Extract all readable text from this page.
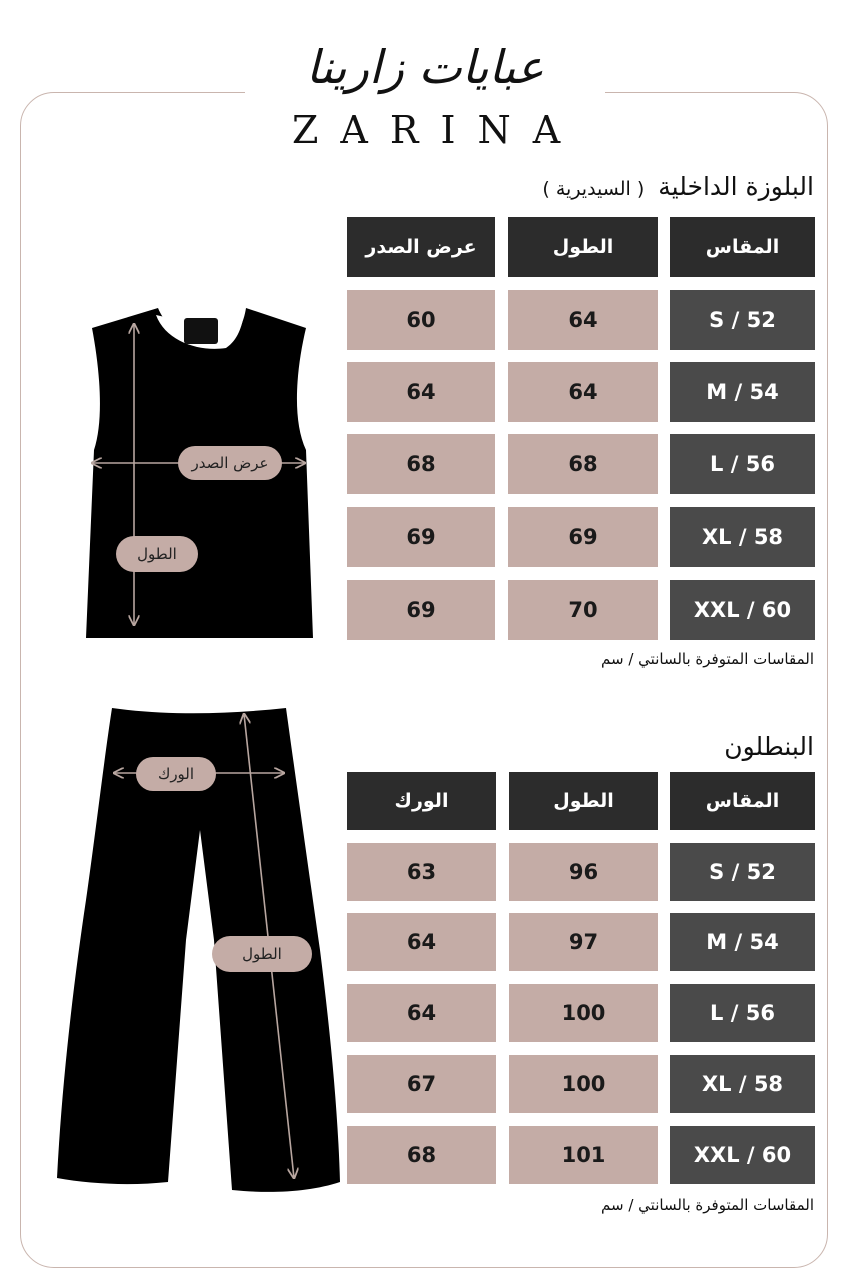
عبايات زارينا
ZARINA
البلوزة الداخلية( السيديرية )
المقاس
الطول
عرض الصدر
S / 52
64
60
M / 54
64
64
L / 56
68
68
XL / 58
69
69
XXL / 60
70
69
المقاسات المتوفرة بالسانتي / سم
عرض الصدر
الطول
البنطلون
المقاس
الطول
الورك
S / 52
96
63
M / 54
97
64
L / 56
100
64
XL / 58
100
67
XXL / 60
101
68
المقاسات المتوفرة بالسانتي / سم
الورك
الطول
